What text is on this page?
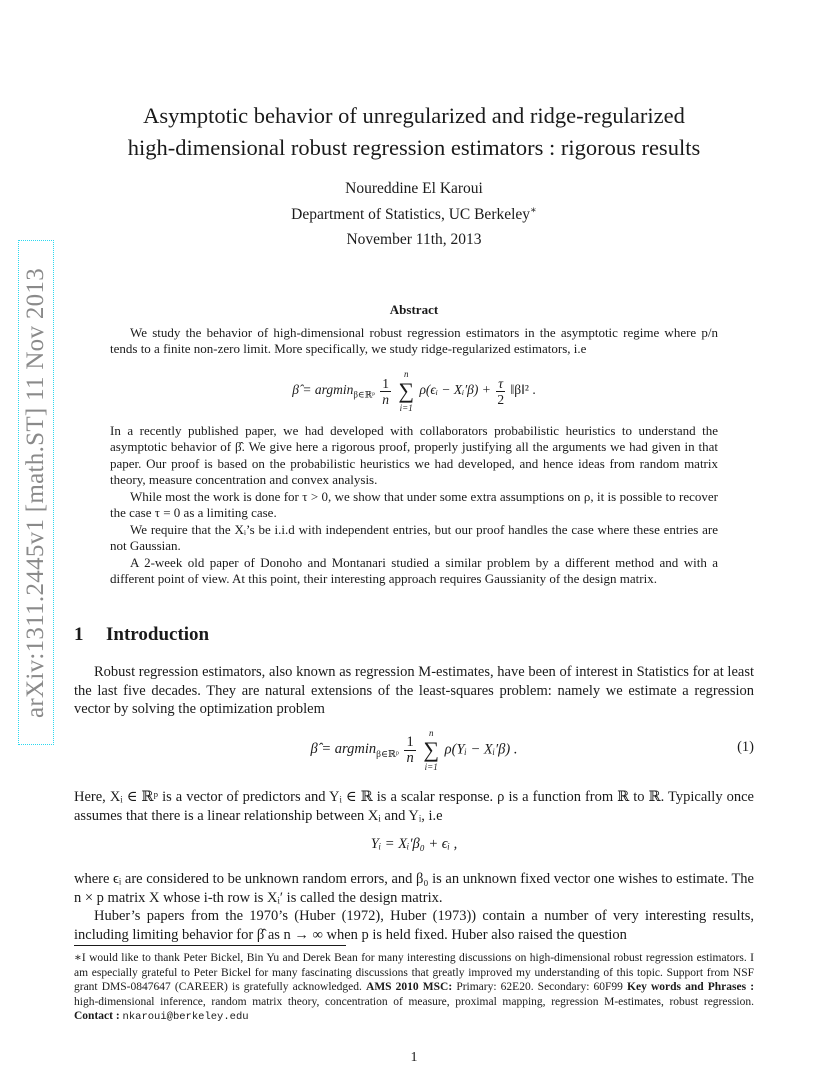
arXiv:1311.2445v1 [math.ST] 11 Nov 2013
Asymptotic behavior of unregularized and ridge-regularized
high-dimensional robust regression estimators : rigorous results
Noureddine El Karoui
Department of Statistics, UC Berkeley∗
November 11th, 2013
Abstract

We study the behavior of high-dimensional robust regression estimators in the asymptotic regime where p/n tends to a finite non-zero limit. More specifically, we study ridge-regularized estimators, i.e

β̂ = $argmin_{\beta\in ℝᵖ} \frac{1}{n}$

n
∑
i=1
ρ(ϵᵢ − Xᵢ′β) + $\frac{\tau}{2}$ ‖β‖² .

In a recently published paper, we had developed with collaborators probabilistic heuristics to understand the asymptotic behavior of β̂. We give here a rigorous proof, properly justifying all the arguments we had given in that paper. Our proof is based on the probabilistic heuristics we had developed, and hence ideas from random matrix theory, measure concentration and convex analysis.

While most the work is done for τ > 0, we show that under some extra assumptions on ρ, it is possible to recover the case τ = 0 as a limiting case.

We require that the Xᵢ’s be i.i.d with independent entries, but our proof handles the case where these entries are not Gaussian.

A 2-week old paper of Donoho and Montanari studied a similar problem by a different method and with a different point of view. At this point, their interesting approach requires Gaussianity of the design matrix.

1 Introduction

Robust regression estimators, also known as regression M-estimates, have been of interest in Statistics for at least the last five decades. They are natural extensions of the least-squares problem: namely we estimate a regression vector by solving the optimization problem

β̂ = $argmin_{\beta\in ℝᵖ} \frac{1}{n}$

n
∑
i=1
ρ(Yᵢ − Xᵢ′β) .	(1)

Here, Xᵢ ∈ ℝᵖ is a vector of predictors and Yᵢ ∈ ℝ is a scalar response. ρ is a function from ℝ to ℝ. Typically once assumes that there is a linear relationship between Xᵢ and Yᵢ, i.e

Yᵢ = Xᵢ′β₀ + ϵᵢ ,

where ϵᵢ are considered to be unknown random errors, and β₀ is an unknown fixed vector one wishes to estimate. The n × p matrix X whose i-th row is Xᵢ′ is called the design matrix.

Huber’s papers from the 1970’s (Huber (1972), Huber (1973)) contain a number of very interesting results, including limiting behavior for β̂ as n → ∞ when p is held fixed. Huber also raised the question

∗I would like to thank Peter Bickel, Bin Yu and Derek Bean for many interesting discussions on high-dimensional robust regression estimators. I am especially grateful to Peter Bickel for many fascinating discussions that greatly improved my understanding of this topic. Support from NSF grant DMS-0847647 (CAREER) is gratefully acknowledged. AMS 2010 MSC: Primary: 62E20. Secondary: 60F99 Key words and Phrases : high-dimensional inference, random matrix theory, concentration of measure, proximal mapping, regression M-estimates, robust regression. Contact : nkaroui@berkeley.edu

1
